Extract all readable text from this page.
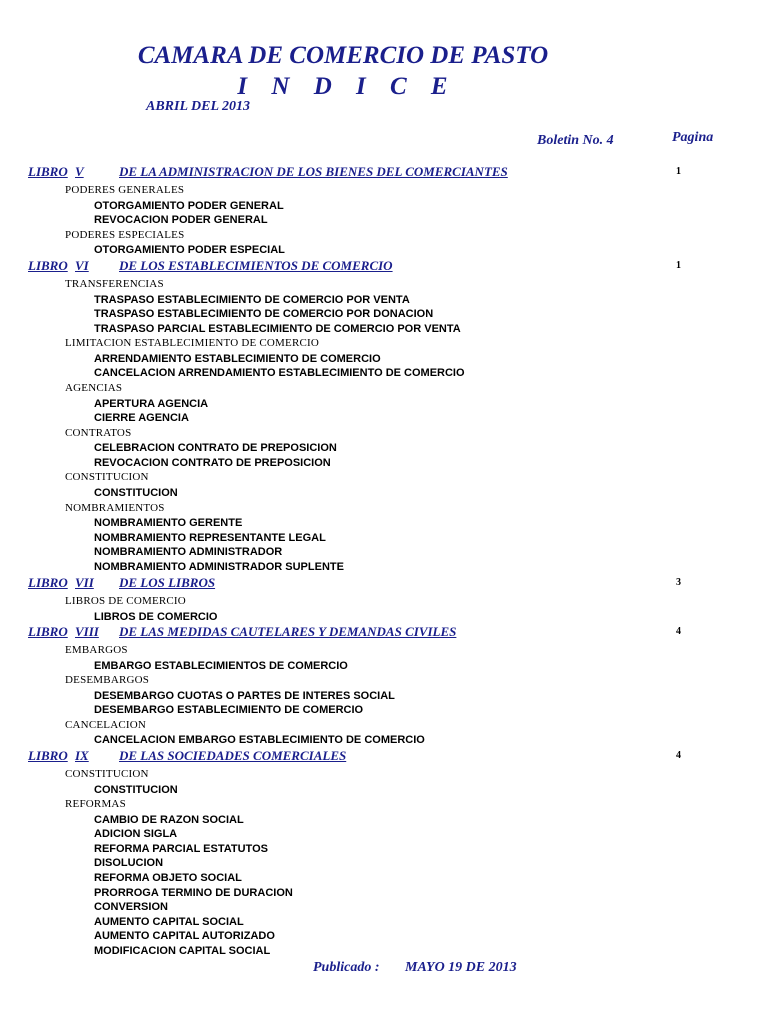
CAMARA DE COMERCIO DE PASTO
I N D I C E
ABRIL DEL 2013
Boletin No. 4	Pagina
LIBRO V	DE LA ADMINISTRACION DE LOS BIENES DEL COMERCIANTES	1
PODERES GENERALES
OTORGAMIENTO PODER GENERAL
REVOCACION PODER GENERAL
PODERES ESPECIALES
OTORGAMIENTO PODER ESPECIAL
LIBRO VI DE LOS ESTABLECIMIENTOS DE COMERCIO	1
TRANSFERENCIAS
TRASPASO ESTABLECIMIENTO DE COMERCIO POR VENTA
TRASPASO ESTABLECIMIENTO DE COMERCIO POR DONACION
TRASPASO PARCIAL ESTABLECIMIENTO DE COMERCIO POR VENTA
LIMITACION ESTABLECIMIENTO DE COMERCIO
ARRENDAMIENTO ESTABLECIMIENTO DE COMERCIO
CANCELACION ARRENDAMIENTO ESTABLECIMIENTO DE COMERCIO
AGENCIAS
APERTURA AGENCIA
CIERRE AGENCIA
CONTRATOS
CELEBRACION CONTRATO DE PREPOSICION
REVOCACION CONTRATO DE PREPOSICION
CONSTITUCION
CONSTITUCION
NOMBRAMIENTOS
NOMBRAMIENTO GERENTE
NOMBRAMIENTO REPRESENTANTE LEGAL
NOMBRAMIENTO ADMINISTRADOR
NOMBRAMIENTO ADMINISTRADOR SUPLENTE
LIBRO VII DE LOS LIBROS	3
LIBROS DE COMERCIO
LIBROS DE COMERCIO
LIBRO VIII DE LAS MEDIDAS CAUTELARES Y DEMANDAS CIVILES	4
EMBARGOS
EMBARGO ESTABLECIMIENTOS DE COMERCIO
DESEMBARGOS
DESEMBARGO CUOTAS O PARTES DE INTERES SOCIAL
DESEMBARGO ESTABLECIMIENTO DE COMERCIO
CANCELACION
CANCELACION EMBARGO ESTABLECIMIENTO DE COMERCIO
LIBRO IX DE LAS SOCIEDADES COMERCIALES	4
CONSTITUCION
CONSTITUCION
REFORMAS
CAMBIO DE RAZON SOCIAL
ADICION SIGLA
REFORMA PARCIAL ESTATUTOS
DISOLUCION
REFORMA OBJETO SOCIAL
PRORROGA TERMINO DE DURACION
CONVERSION
AUMENTO CAPITAL SOCIAL
AUMENTO CAPITAL AUTORIZADO
MODIFICACION CAPITAL SOCIAL
Publicado : MAYO 19 DE 2013
